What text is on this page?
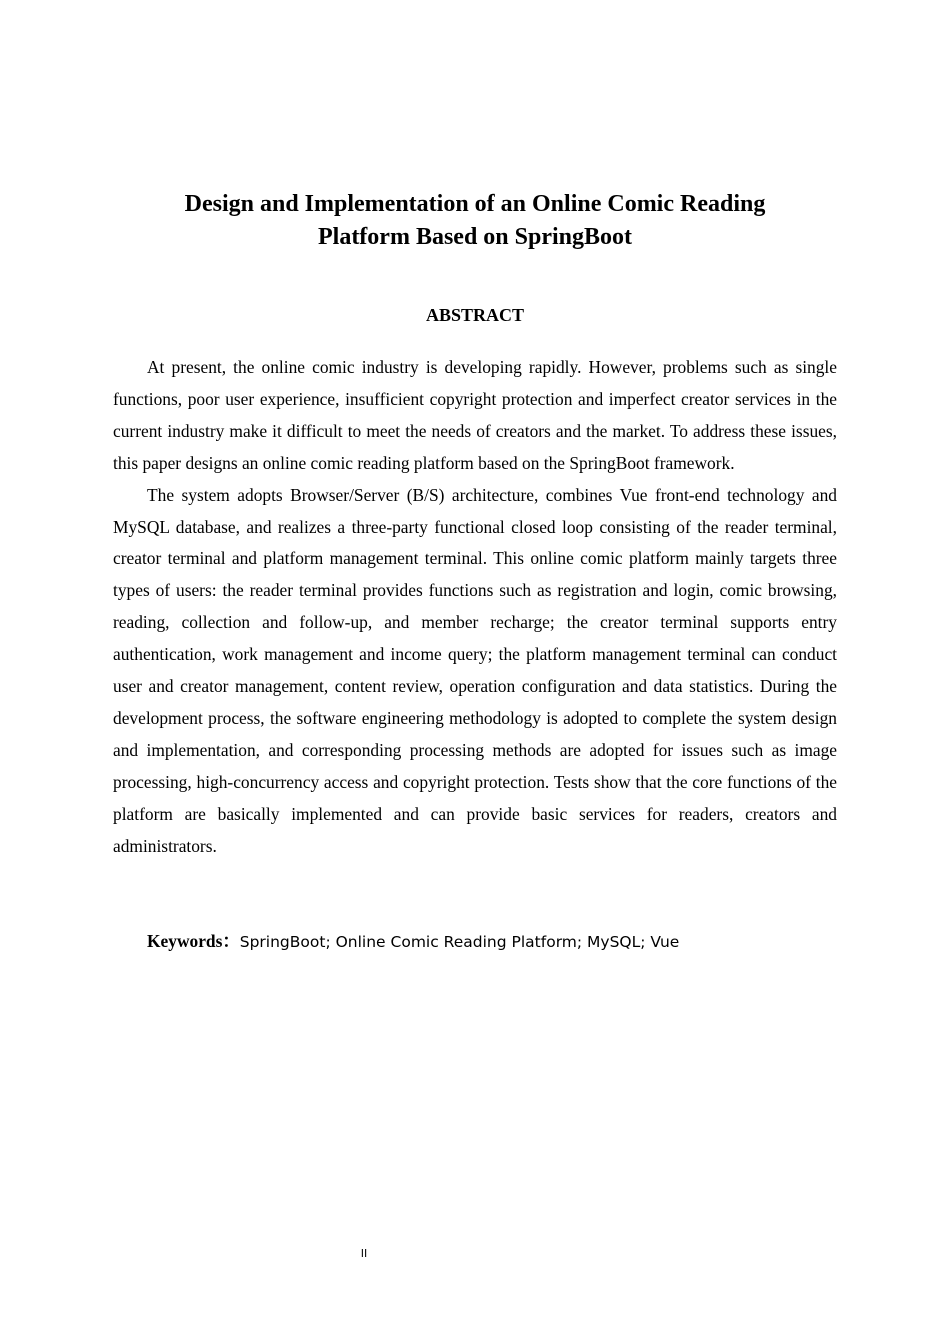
Design and Implementation of an Online Comic Reading
Platform Based on SpringBoot
ABSTRACT

At present, the online comic industry is developing rapidly. However, problems such as single functions, poor user experience, insufficient copyright protection and imperfect creator services in the current industry make it difficult to meet the needs of creators and the market. To address these issues, this paper designs an online comic reading platform based on the SpringBoot framework.

The system adopts Browser/Server (B/S) architecture, combines Vue front-end technology and MySQL database, and realizes a three-party functional closed loop consisting of the reader terminal, creator terminal and platform management terminal. This online comic platform mainly targets three types of users: the reader terminal provides functions such as registration and login, comic browsing, reading, collection and follow-up, and member recharge; the creator terminal supports entry authentication, work management and income query; the platform management terminal can conduct user and creator management, content review, operation configuration and data statistics. During the development process, the software engineering methodology is adopted to complete the system design and implementation, and corresponding processing methods are adopted for issues such as image processing, high-concurrency access and copyright protection. Tests show that the core functions of the platform are basically implemented and can provide basic services for readers, creators and administrators.

Keywords：SpringBoot; Online Comic Reading Platform; MySQL; Vue

II
